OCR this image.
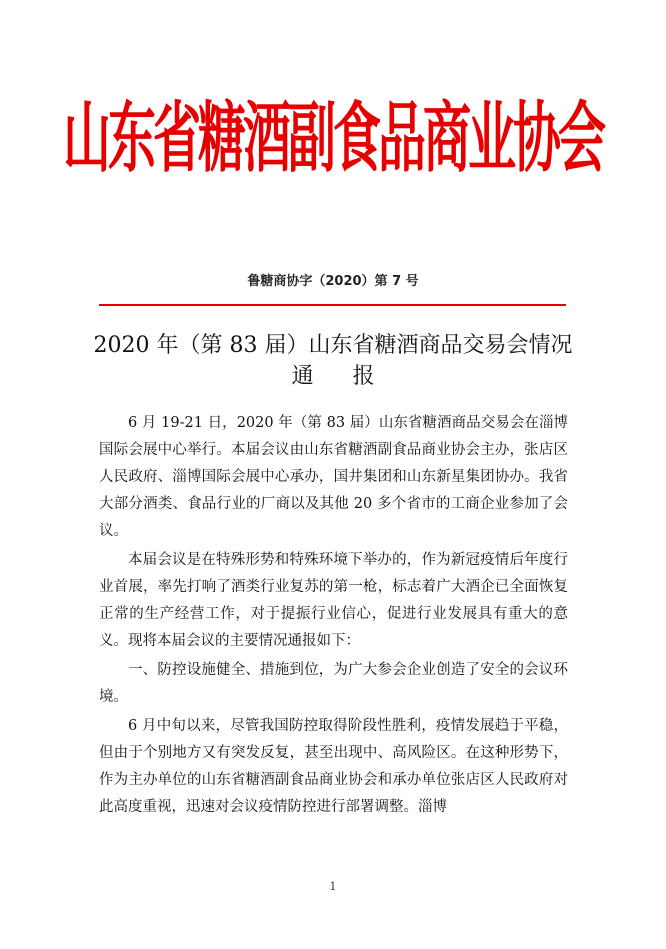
山东省糖酒副食品商业协会
鲁糖商协字（2020）第 7 号
2020 年（第 83 届）山东省糖酒商品交易会情况
通 报

6 月 19-21 日，2020 年（第 83 届）山东省糖酒商品交易会在淄博国际会展中心举行。本届会议由山东省糖酒副食品商业协会主办，张店区人民政府、淄博国际会展中心承办，国井集团和山东新星集团协办。我省大部分酒类、食品行业的厂商以及其他 20 多个省市的工商企业参加了会议。

本届会议是在特殊形势和特殊环境下举办的，作为新冠疫情后年度行业首展，率先打响了酒类行业复苏的第一枪，标志着广大酒企已全面恢复正常的生产经营工作，对于提振行业信心，促进行业发展具有重大的意义。现将本届会议的主要情况通报如下：

一、防控设施健全、措施到位，为广大参会企业创造了安全的会议环境。

6 月中旬以来，尽管我国防控取得阶段性胜利，疫情发展趋于平稳，但由于个别地方又有突发反复，甚至出现中、高风险区。在这种形势下，作为主办单位的山东省糖酒副食品商业协会和承办单位张店区人民政府对此高度重视，迅速对会议疫情防控进行部署调整。淄博

1
